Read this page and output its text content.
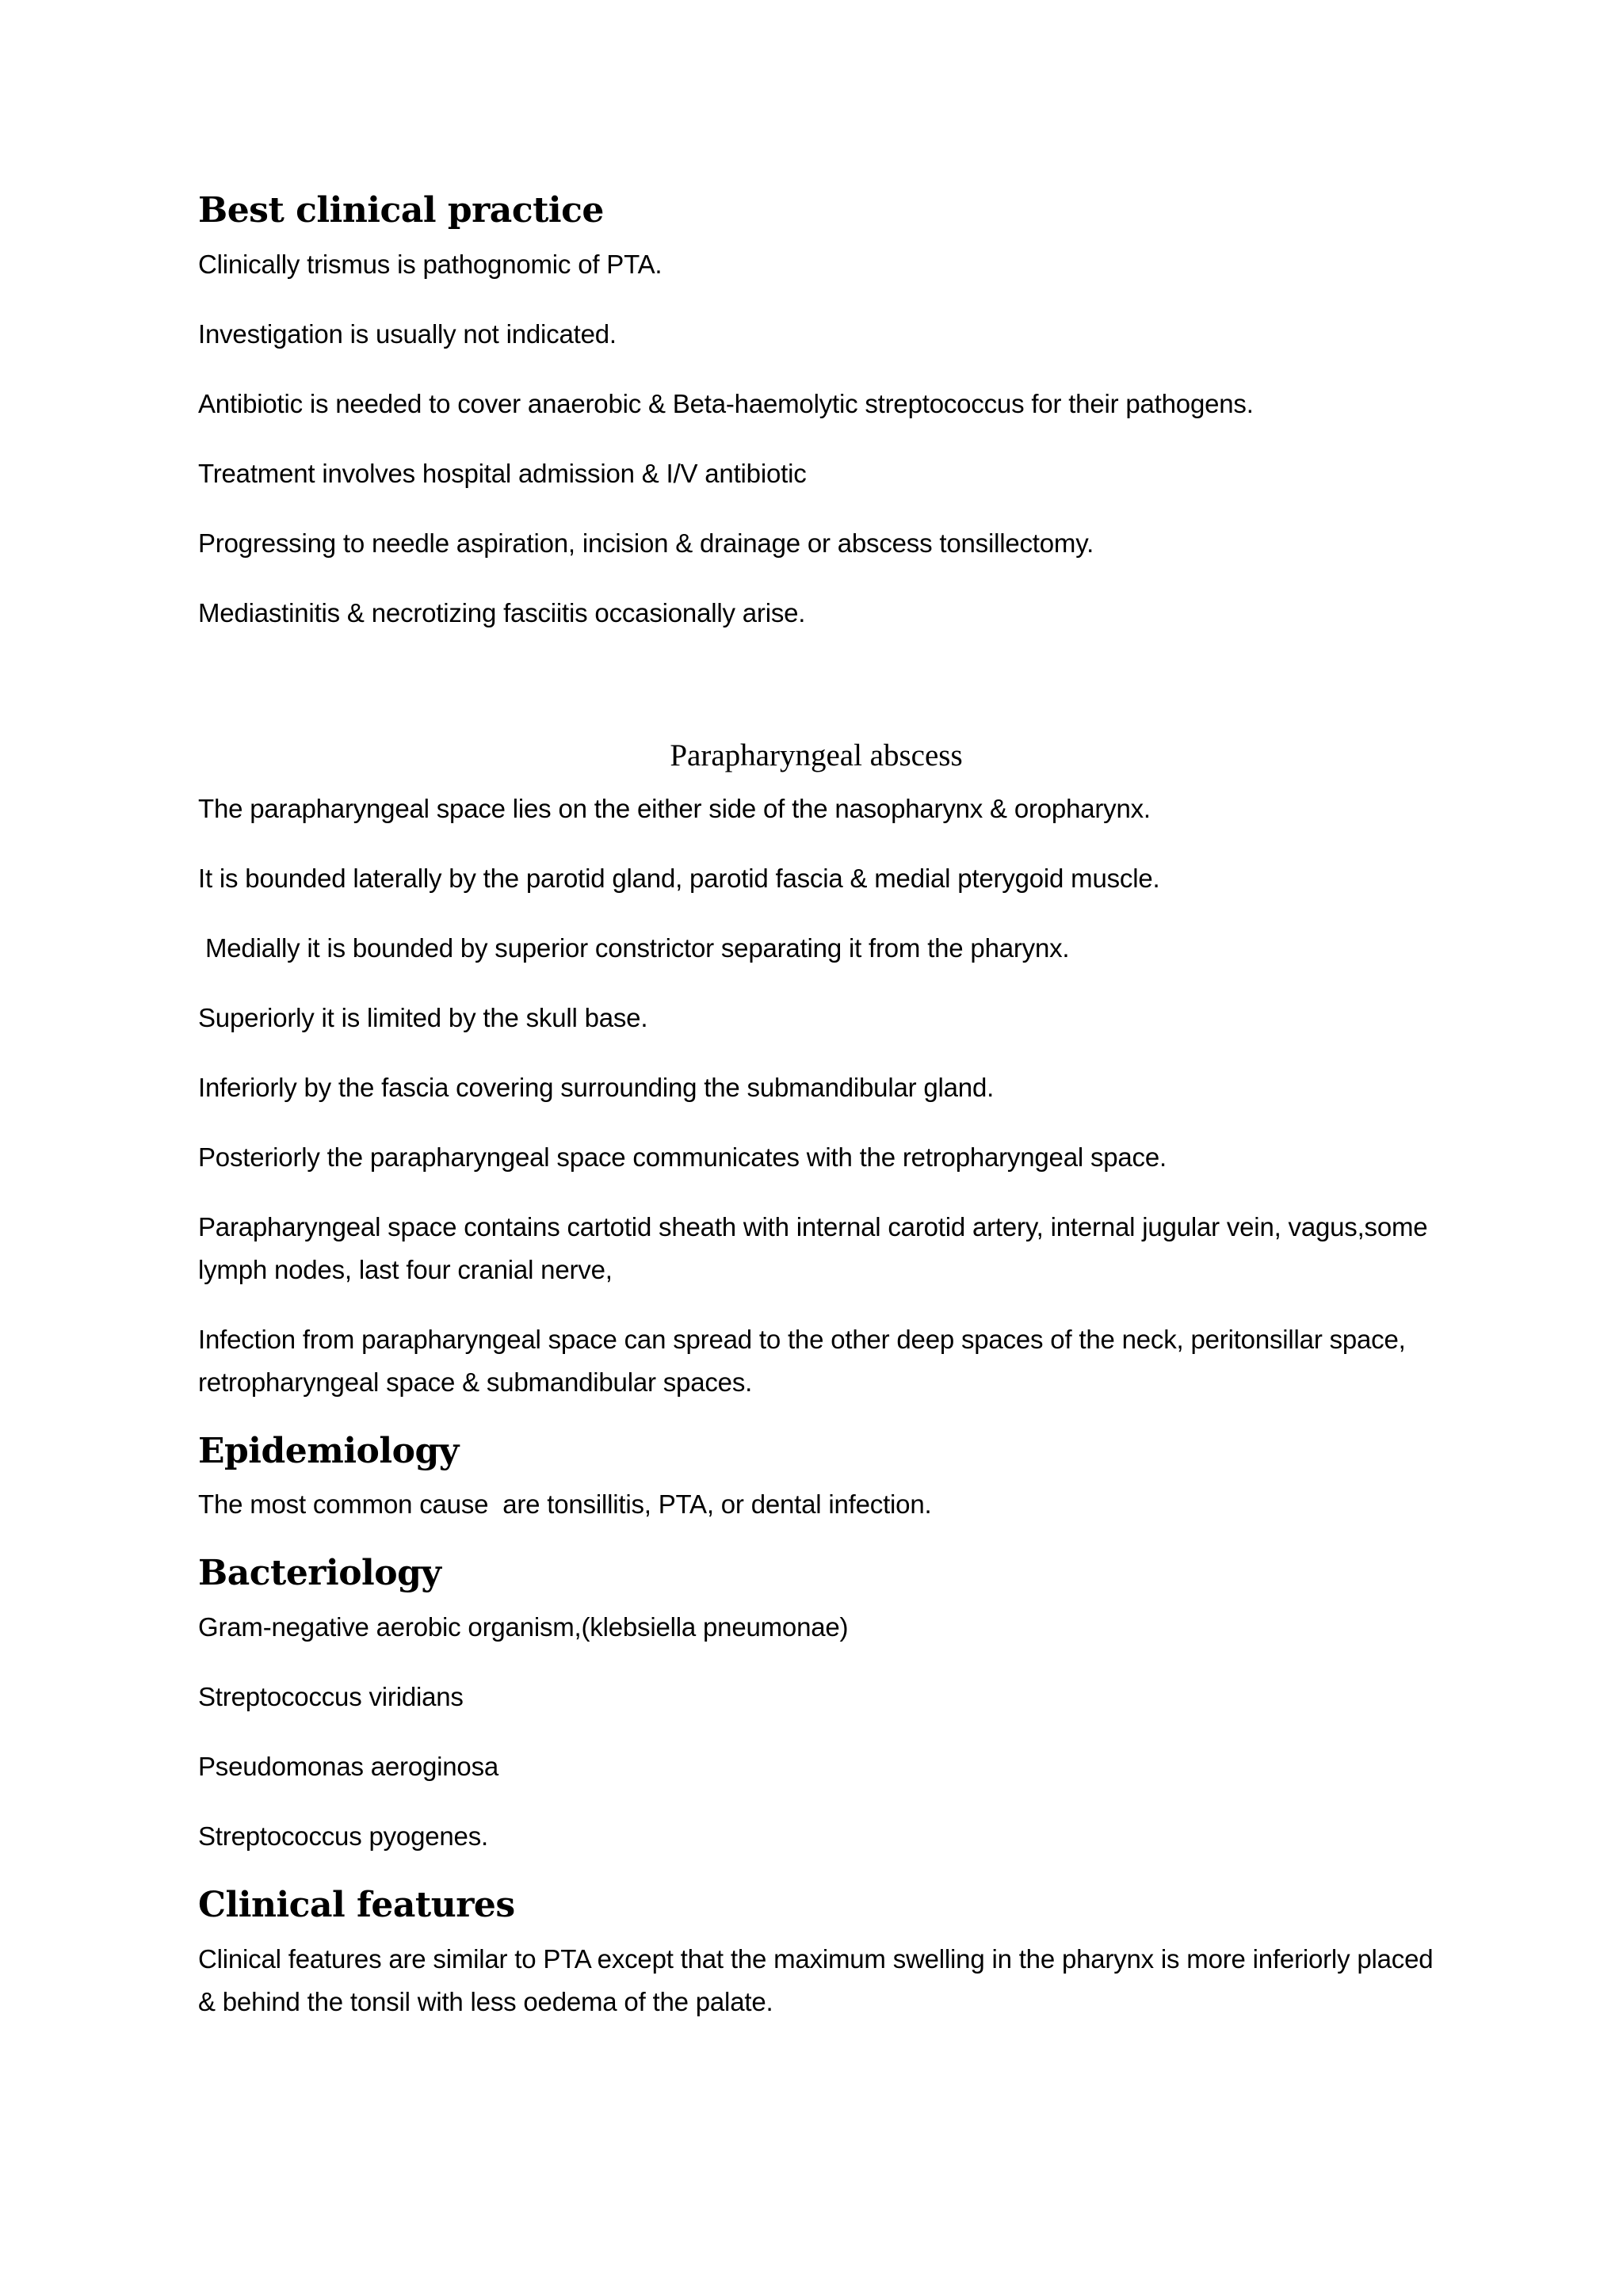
Best clinical practice

Clinically trismus is pathognomic of PTA.

Investigation is usually not indicated.

Antibiotic is needed to cover anaerobic & Beta-haemolytic streptococcus for their pathogens.

Treatment involves hospital admission & I/V antibiotic

Progressing to needle aspiration, incision & drainage or abscess tonsillectomy.

Mediastinitis & necrotizing fasciitis occasionally arise.

Parapharyngeal abscess

The parapharyngeal space lies on the either side of the nasopharynx & oropharynx.

It is bounded laterally by the parotid gland, parotid fascia & medial pterygoid muscle.

Medially it is bounded by superior constrictor separating it from the pharynx.

Superiorly it is limited by the skull base.

Inferiorly by the fascia covering surrounding the submandibular gland.

Posteriorly the parapharyngeal space communicates with the retropharyngeal space.

Parapharyngeal space contains cartotid sheath with internal carotid artery, internal jugular vein, vagus,some lymph nodes, last four cranial nerve,

Infection from parapharyngeal space can spread to the other deep spaces of the neck, peritonsillar space, retropharyngeal space & submandibular spaces.

Epidemiology

The most common cause  are tonsillitis, PTA, or dental infection.

Bacteriology

Gram-negative aerobic organism,(klebsiella pneumonae)

Streptococcus viridians

Pseudomonas aeroginosa

Streptococcus pyogenes.

Clinical features

Clinical features are similar to PTA except that the maximum swelling in the pharynx is more inferiorly placed & behind the tonsil with less oedema of the palate.
